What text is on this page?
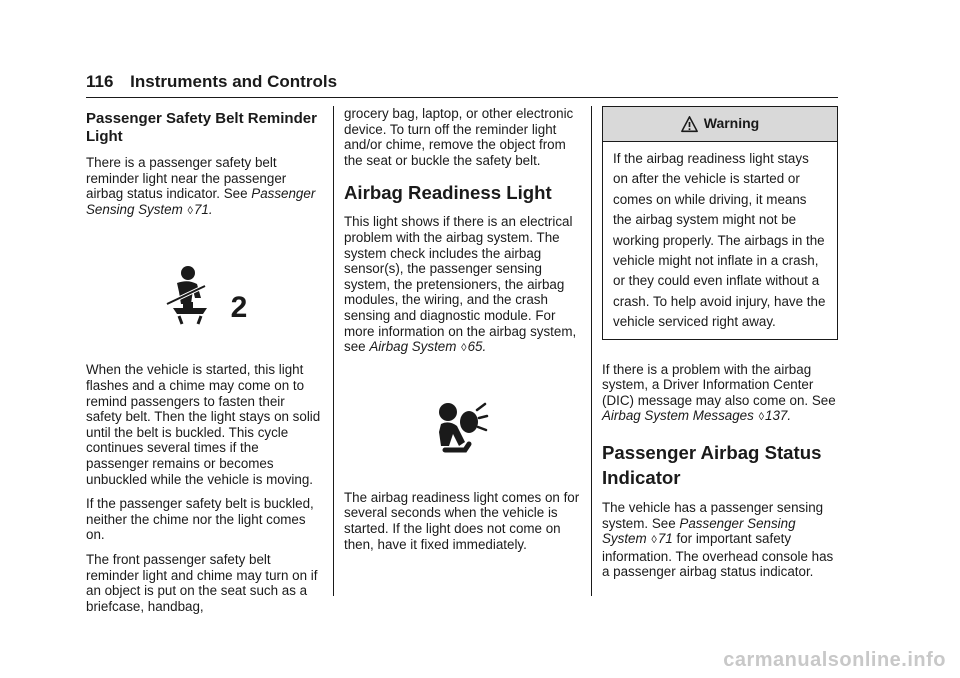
116 Instruments and Controls
Passenger Safety Belt Reminder Light

There is a passenger safety belt reminder light near the passenger airbag status indicator. See Passenger Sensing System ◊71.

2

When the vehicle is started, this light flashes and a chime may come on to remind passengers to fasten their safety belt. Then the light stays on solid until the belt is buckled. This cycle continues several times if the passenger remains or becomes unbuckled while the vehicle is moving.

If the passenger safety belt is buckled, neither the chime nor the light comes on.

The front passenger safety belt reminder light and chime may turn on if an object is put on the seat such as a briefcase, handbag,

grocery bag, laptop, or other electronic device. To turn off the reminder light and/or chime, remove the object from the seat or buckle the safety belt.

Airbag Readiness Light

This light shows if there is an electrical problem with the airbag system. The system check includes the airbag sensor(s), the passenger sensing system, the pretensioners, the airbag modules, the wiring, and the crash sensing and diagnostic module. For more information on the airbag system, see Airbag System ◊65.

The airbag readiness light comes on for several seconds when the vehicle is started. If the light does not come on then, have it fixed immediately.

Warning
If the airbag readiness light stays on after the vehicle is started or comes on while driving, it means the airbag system might not be working properly. The airbags in the vehicle might not inflate in a crash, or they could even inflate without a crash. To help avoid injury, have the vehicle serviced right away.

If there is a problem with the airbag system, a Driver Information Center (DIC) message may also come on. See Airbag System Messages ◊137.

Passenger Airbag Status Indicator

The vehicle has a passenger sensing system. See Passenger Sensing System ◊71 for important safety information. The overhead console has a passenger airbag status indicator.

carmanualsonline.info
